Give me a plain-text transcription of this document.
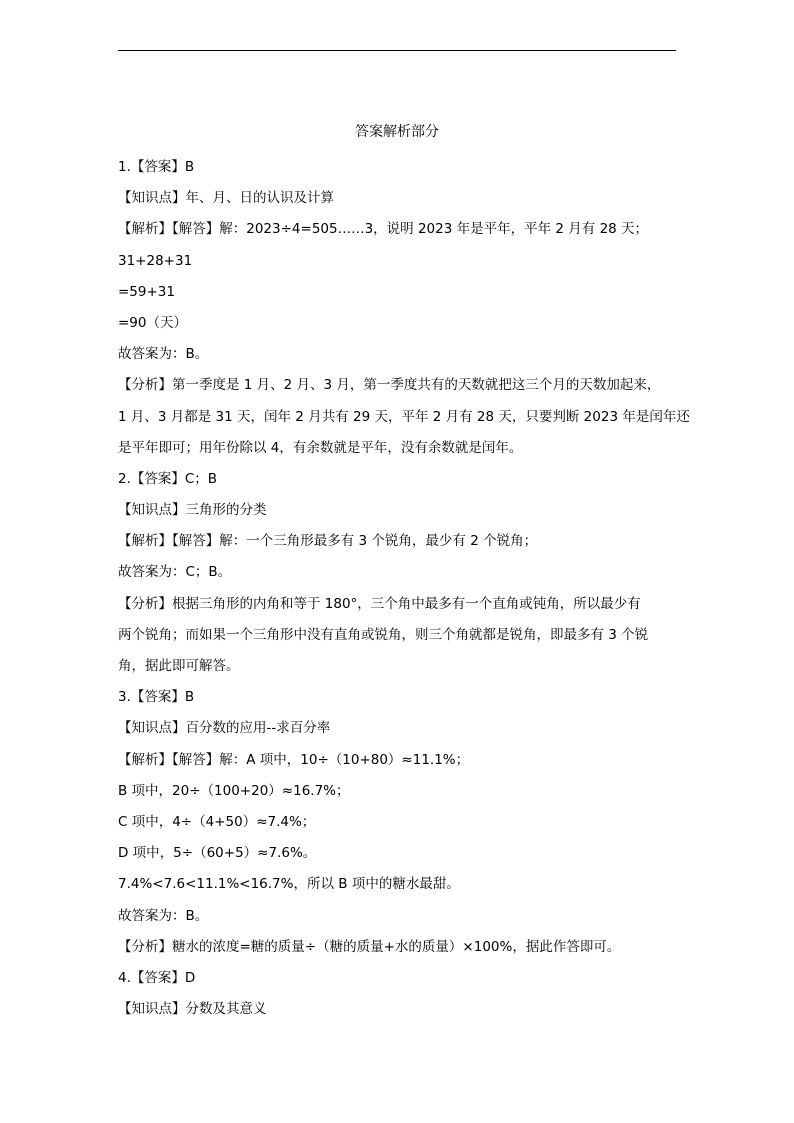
答案解析部分
1.【答案】B
【知识点】年、月、日的认识及计算
【解析】【解答】解：2023÷4=505……3，说明 2023 年是平年，平年 2 月有 28 天；
31+28+31
=59+31
=90（天）
故答案为：B。
【分析】第一季度是 1 月、2 月、3 月，第一季度共有的天数就把这三个月的天数加起来，
1 月、3 月都是 31 天，闰年 2 月共有 29 天，平年 2 月有 28 天，只要判断 2023 年是闰年还
是平年即可；用年份除以 4，有余数就是平年，没有余数就是闰年。
2.【答案】C；B
【知识点】三角形的分类
【解析】【解答】解：一个三角形最多有 3 个锐角，最少有 2 个锐角；
故答案为：C；B。
【分析】根据三角形的内角和等于 180°，三个角中最多有一个直角或钝角，所以最少有
两个锐角；而如果一个三角形中没有直角或锐角，则三个角就都是锐角，即最多有 3 个锐
角，据此即可解答。
3.【答案】B
【知识点】百分数的应用--求百分率
【解析】【解答】解：A 项中，10÷（10+80）≈11.1%；
B 项中，20÷（100+20）≈16.7%；
C 项中，4÷（4+50）≈7.4%；
D 项中，5÷（60+5）≈7.6%。
7.4%<7.6<11.1%<16.7%，所以 B 项中的糖水最甜。
故答案为：B。
【分析】糖水的浓度=糖的质量÷（糖的质量+水的质量）×100%，据此作答即可。
4.【答案】D
【知识点】分数及其意义
